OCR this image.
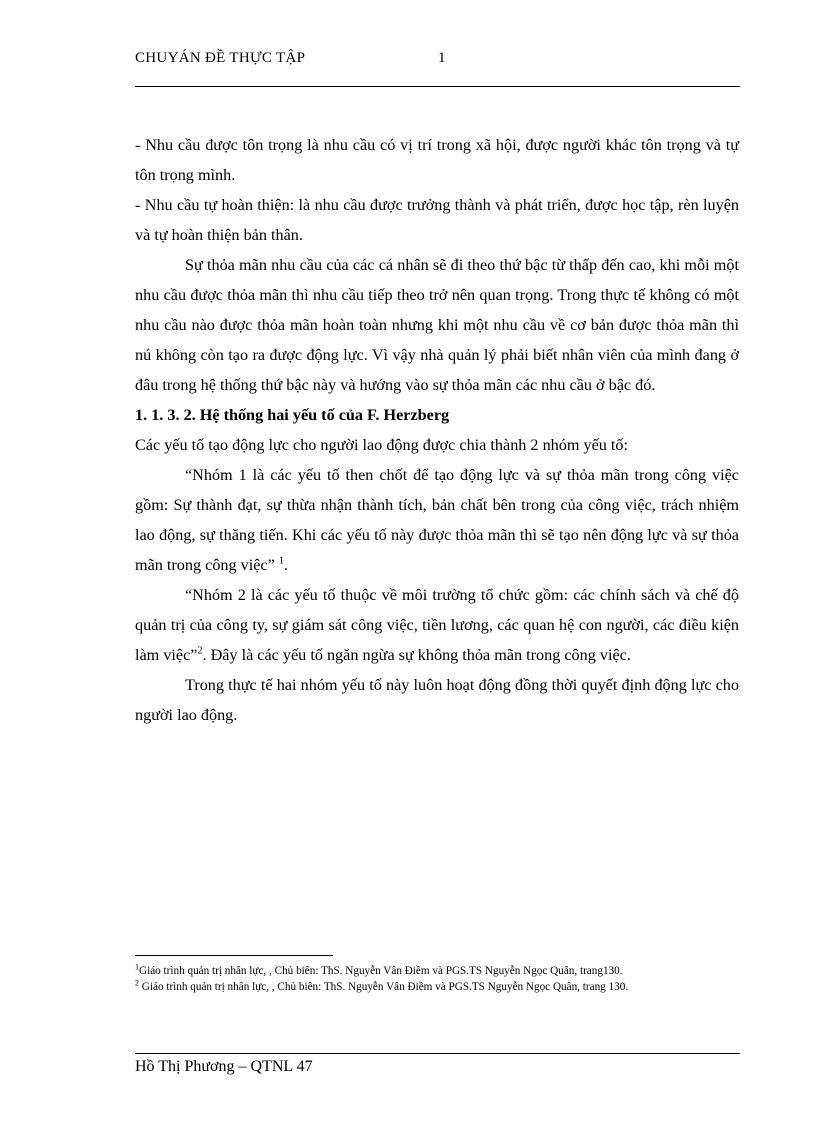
CHUYÁN ĐỀ THỰC TẬP	1

- Nhu cầu được tôn trọng là nhu cầu có vị trí trong xã hội, được người khác tôn trọng và tự tôn trọng mình.

- Nhu cầu tự hoàn thiện: là nhu cầu được trưởng thành và phát triển, được học tập, rèn luyện và tự hoàn thiện bản thân.

Sự thỏa mãn nhu cầu của các cá nhân sẽ đi theo thứ bậc từ thấp đến cao, khi mỗi một nhu cầu được thỏa mãn thì nhu cầu tiếp theo trở nên quan trọng. Trong thực tế không có một nhu cầu nào được thỏa mãn hoàn toàn nhưng khi một nhu cầu về cơ bản được thỏa mãn thì nú không còn tạo ra được động lực. Vì vậy nhà quản lý phải biết nhân viên của mình đang ở đâu trong hệ thống thứ bậc này và hướng vào sự thỏa mãn các nhu cầu ở bậc đó.

1. 1. 3. 2. Hệ thống hai yếu tố của F. Herzberg

Các yếu tố tạo động lực cho người lao động được chia thành 2 nhóm yếu tố:

“Nhóm 1 là các yếu tố then chốt để tạo động lực và sự thỏa mãn trong công việc gồm: Sự thành đạt, sự thừa nhận thành tích, bản chất bên trong của công việc, trách nhiệm lao động, sự thăng tiến. Khi các yếu tố này được thỏa mãn thì sẽ tạo nên động lực và sự thỏa mãn trong công việc” $^1$.

“Nhóm 2 là các yếu tố thuộc về môi trường tổ chức gồm: các chính sách và chế độ quản trị của công ty, sự giám sát công việc, tiền lương, các quan hệ con người, các điều kiện làm việc”$^2$. Đây là các yếu tố ngăn ngừa sự không thỏa mãn trong công việc.

Trong thực tế hai nhóm yếu tố này luôn hoạt động đồng thời quyết định động lực cho người lao động.

$^1$Giáo trình quản trị nhân lực, , Chủ biên: ThS. Nguyễn Vân Điềm và PGS.TS Nguyễn Ngọc Quân, trang130.

$^2$ Giáo trình quản trị nhân lực, , Chủ biên: ThS. Nguyễn Vân Điềm và PGS.TS Nguyễn Ngọc Quân, trang 130.

Hồ Thị Phương – QTNL 47
